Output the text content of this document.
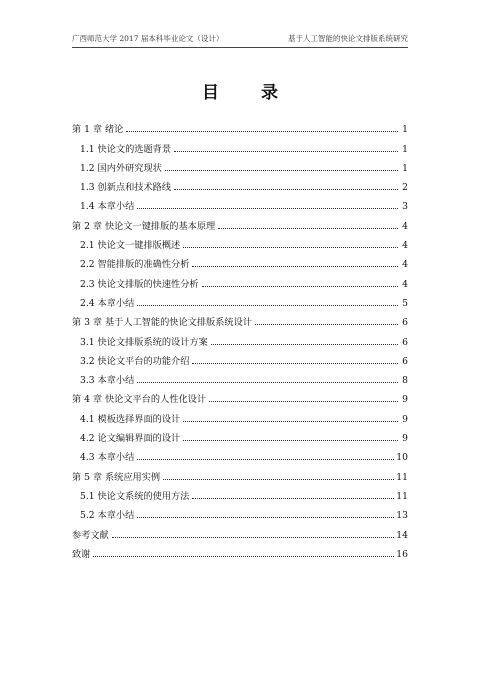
广西师范大学 2017 届本科毕业论文（设计）	基于人工智能的快论文排版系统研究
目 录
第 1 章 绪论	1
1.1 快论文的选题背景	1
1.2 国内外研究现状	1
1.3 创新点和技术路线	2
1.4 本章小结	3
第 2 章 快论文一键排版的基本原理	4
2.1 快论文一键排版概述	4
2.2 智能排版的准确性分析	4
2.3 快论文排版的快速性分析	4
2.4 本章小结	5
第 3 章 基于人工智能的快论文排版系统设计	6
3.1 快论文排版系统的设计方案	6
3.2 快论文平台的功能介绍	6
3.3 本章小结	8
第 4 章 快论文平台的人性化设计	9
4.1 模板选择界面的设计	9
4.2 论文编辑界面的设计	9
4.3 本章小结	10
第 5 章 系统应用实例	11
5.1 快论文系统的使用方法	11
5.2 本章小结	13
参考文献	14
致谢	16
